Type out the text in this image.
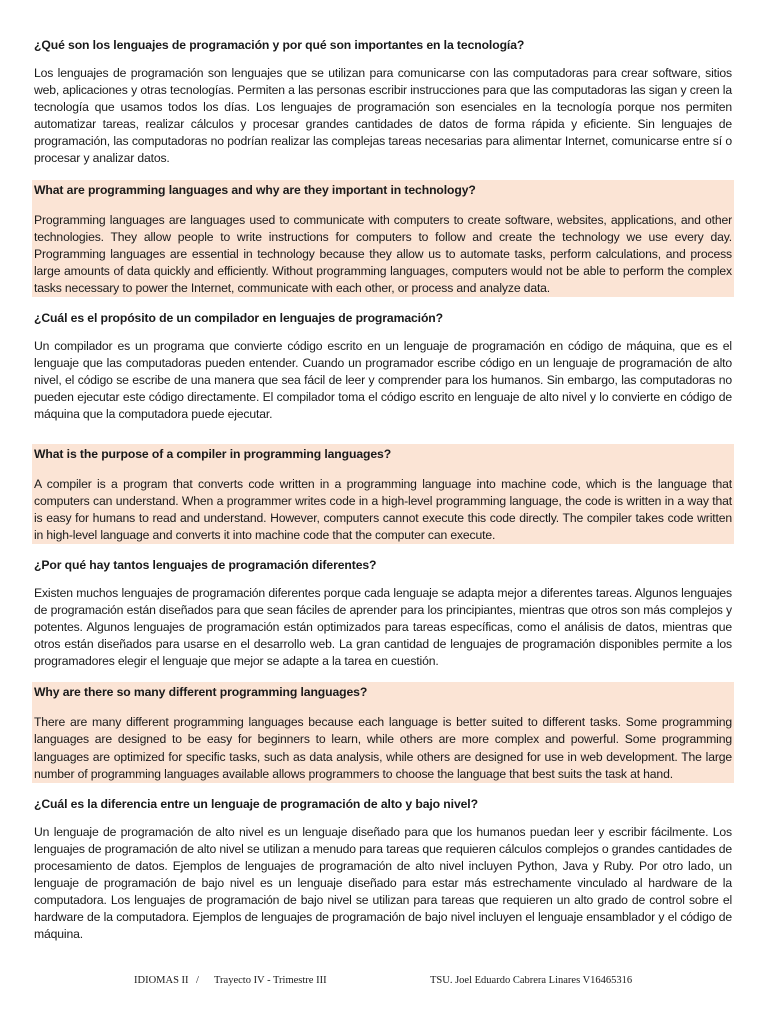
¿Qué son los lenguajes de programación y por qué son importantes en la tecnología?

Los lenguajes de programación son lenguajes que se utilizan para comunicarse con las computadoras para crear software, sitios web, aplicaciones y otras tecnologías. Permiten a las personas escribir instrucciones para que las computadoras las sigan y creen la tecnología que usamos todos los días. Los lenguajes de programación son esenciales en la tecnología porque nos permiten automatizar tareas, realizar cálculos y procesar grandes cantidades de datos de forma rápida y eficiente. Sin lenguajes de programación, las computadoras no podrían realizar las complejas tareas necesarias para alimentar Internet, comunicarse entre sí o procesar y analizar datos.

What are programming languages and why are they important in technology?

Programming languages are languages used to communicate with computers to create software, websites, applications, and other technologies. They allow people to write instructions for computers to follow and create the technology we use every day. Programming languages are essential in technology because they allow us to automate tasks, perform calculations, and process large amounts of data quickly and efficiently. Without programming languages, computers would not be able to perform the complex tasks necessary to power the Internet, communicate with each other, or process and analyze data.

¿Cuál es el propósito de un compilador en lenguajes de programación?

Un compilador es un programa que convierte código escrito en un lenguaje de programación en código de máquina, que es el lenguaje que las computadoras pueden entender. Cuando un programador escribe código en un lenguaje de programación de alto nivel, el código se escribe de una manera que sea fácil de leer y comprender para los humanos. Sin embargo, las computadoras no pueden ejecutar este código directamente. El compilador toma el código escrito en lenguaje de alto nivel y lo convierte en código de máquina que la computadora puede ejecutar.

What is the purpose of a compiler in programming languages?

A compiler is a program that converts code written in a programming language into machine code, which is the language that computers can understand. When a programmer writes code in a high-level programming language, the code is written in a way that is easy for humans to read and understand. However, computers cannot execute this code directly. The compiler takes code written in high-level language and converts it into machine code that the computer can execute.

¿Por qué hay tantos lenguajes de programación diferentes?

Existen muchos lenguajes de programación diferentes porque cada lenguaje se adapta mejor a diferentes tareas. Algunos lenguajes de programación están diseñados para que sean fáciles de aprender para los principiantes, mientras que otros son más complejos y potentes. Algunos lenguajes de programación están optimizados para tareas específicas, como el análisis de datos, mientras que otros están diseñados para usarse en el desarrollo web. La gran cantidad de lenguajes de programación disponibles permite a los programadores elegir el lenguaje que mejor se adapte a la tarea en cuestión.

Why are there so many different programming languages?

There are many different programming languages because each language is better suited to different tasks. Some programming languages are designed to be easy for beginners to learn, while others are more complex and powerful. Some programming languages are optimized for specific tasks, such as data analysis, while others are designed for use in web development. The large number of programming languages available allows programmers to choose the language that best suits the task at hand.

¿Cuál es la diferencia entre un lenguaje de programación de alto y bajo nivel?

Un lenguaje de programación de alto nivel es un lenguaje diseñado para que los humanos puedan leer y escribir fácilmente. Los lenguajes de programación de alto nivel se utilizan a menudo para tareas que requieren cálculos complejos o grandes cantidades de procesamiento de datos. Ejemplos de lenguajes de programación de alto nivel incluyen Python, Java y Ruby. Por otro lado, un lenguaje de programación de bajo nivel es un lenguaje diseñado para estar más estrechamente vinculado al hardware de la computadora. Los lenguajes de programación de bajo nivel se utilizan para tareas que requieren un alto grado de control sobre el hardware de la computadora. Ejemplos de lenguajes de programación de bajo nivel incluyen el lenguaje ensamblador y el código de máquina.

IDIOMAS II / Trayecto IV - Trimestre III	TSU. Joel Eduardo Cabrera Linares V16465316
